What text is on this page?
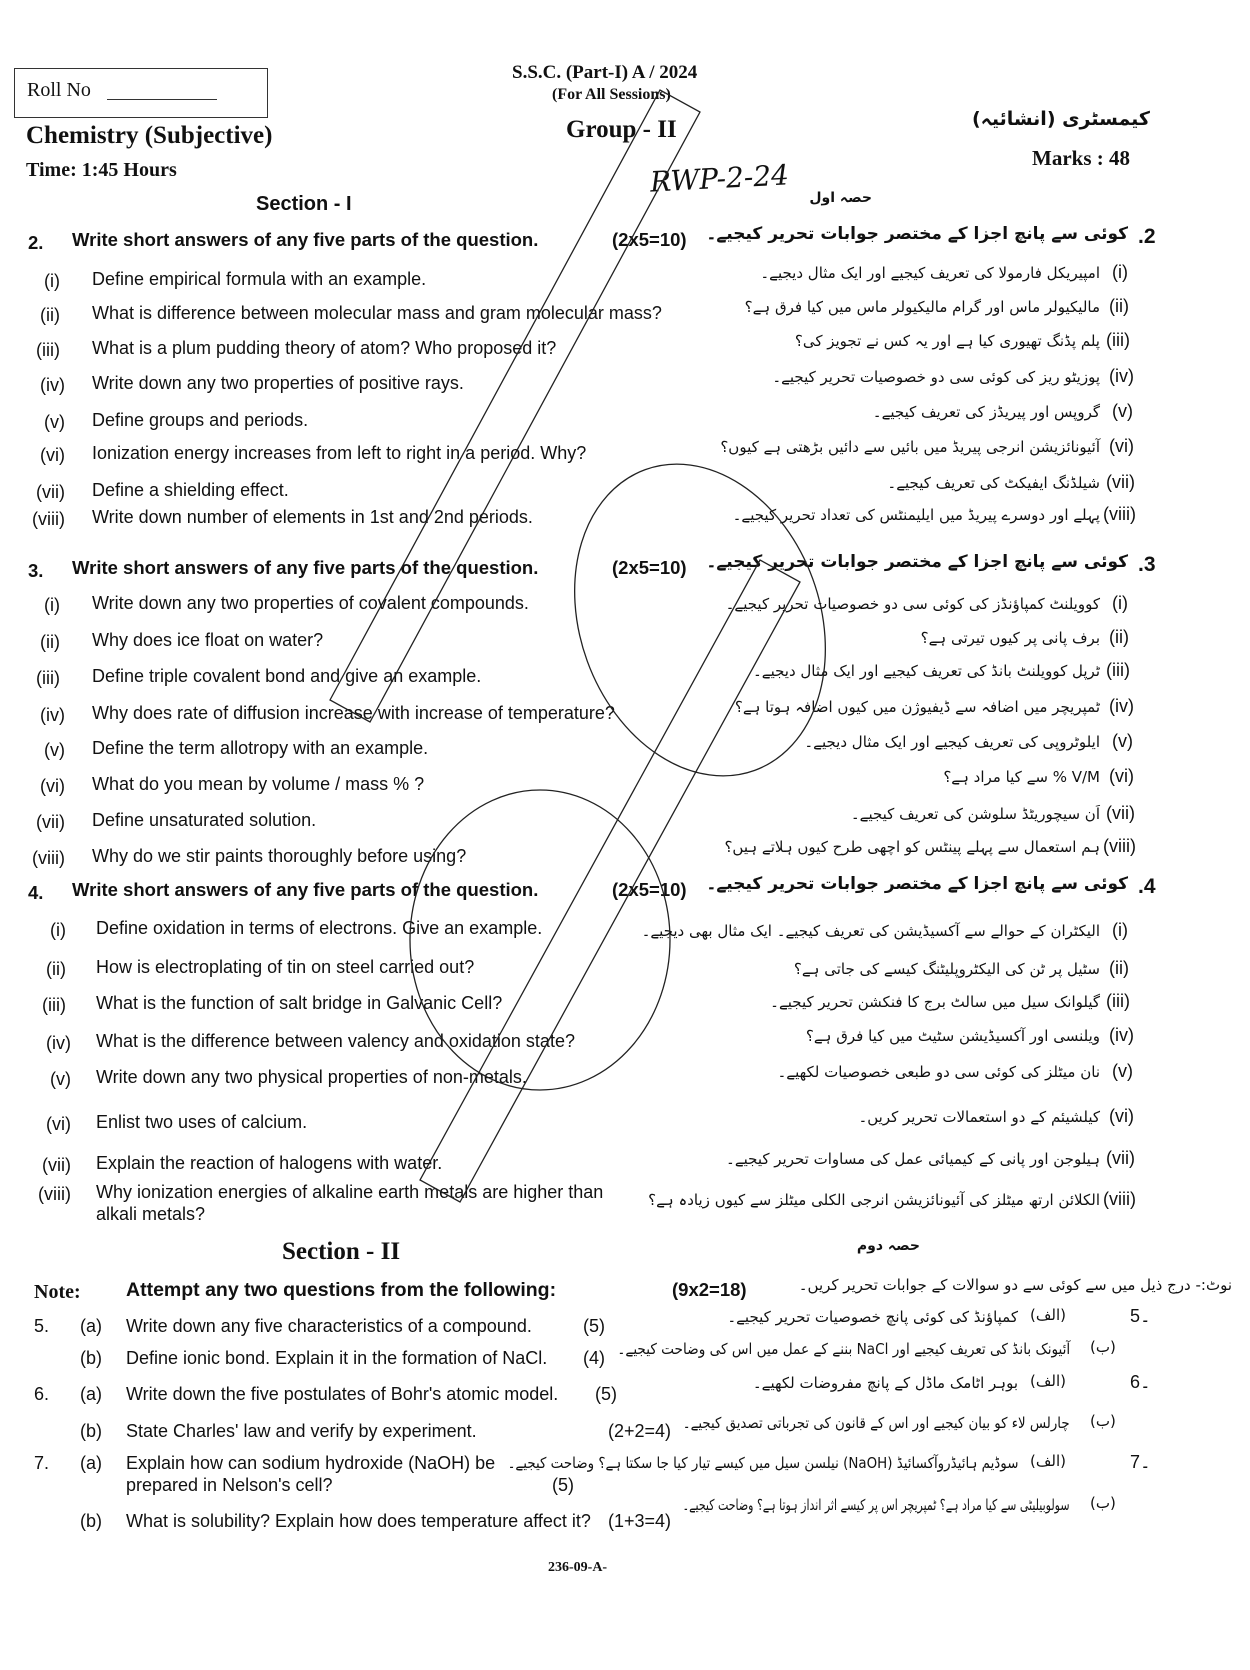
Roll No
S.S.C. (Part-I) A / 2024
(For All Sessions)
Chemistry (Subjective)	Group - II	کیمسٹری (انشائیہ)
Marks : 48
Time: 1:45 Hours	RWP-2-24 حصہ اول
Section - I
2. Write short answers of any five parts of the question.	(2x5=10)	.2
کوئی سے پانچ اجزا کے مختصر جوابات تحریر کیجیے۔
(i) Define empirical formula with an example.	(i)
امپیریکل فارمولا کی تعریف کیجیے اور ایک مثال دیجیے۔
(ii) What is difference between molecular mass and gram molecular mass?	(ii)
مالیکیولر ماس اور گرام مالیکیولر ماس میں کیا فرق ہے؟
(iii) What is a plum pudding theory of atom? Who proposed it?	(iii)
پلم پڈنگ تھیوری کیا ہے اور یہ کس نے تجویز کی؟
(iv) Write down any two properties of positive rays.	(iv)
پوزیٹو ریز کی کوئی سی دو خصوصیات تحریر کیجیے۔
(v) Define groups and periods.	(v)
گروپس اور پیریڈز کی تعریف کیجیے۔
(vi) Ionization energy increases from left to right in a period. Why?	(vi)
آئیونائزیشن انرجی پیریڈ میں بائیں سے دائیں بڑھتی ہے کیوں؟
(vii) Define a shielding effect.	(vii)
شیلڈنگ ایفیکٹ کی تعریف کیجیے۔
(viii) Write down number of elements in 1st and 2nd periods.	(viii)
پہلے اور دوسرے پیریڈ میں ایلیمنٹس کی تعداد تحریر کیجیے۔
3. Write short answers of any five parts of the question.	(2x5=10)	.3
کوئی سے پانچ اجزا کے مختصر جوابات تحریر کیجیے۔
(i) Write down any two properties of covalent compounds.	(i)
کوویلنٹ کمپاؤنڈز کی کوئی سی دو خصوصیات تحریر کیجیے۔
(ii) Why does ice float on water?	(ii)
برف پانی پر کیوں تیرتی ہے؟
(iii) Define triple covalent bond and give an example.	(iii)
ٹرپل کوویلنٹ بانڈ کی تعریف کیجیے اور ایک مثال دیجیے۔
(iv) Why does rate of diffusion increase with increase of temperature?	(iv)
ٹمپریچر میں اضافہ سے ڈیفیوژن میں کیوں اضافہ ہوتا ہے؟
(v) Define the term allotropy with an example.	(v)
ایلوٹروپی کی تعریف کیجیے اور ایک مثال دیجیے۔
(vi) What do you mean by volume / mass % ?	(vi)
V/M % سے کیا مراد ہے؟
(vii) Define unsaturated solution.	(vii)
اَن سیچوریٹڈ سلوشن کی تعریف کیجیے۔
(viii) Why do we stir paints thoroughly before using?	(viii)
ہم استعمال سے پہلے پینٹس کو اچھی طرح کیوں ہلاتے ہیں؟
4. Write short answers of any five parts of the question.	(2x5=10)	.4
کوئی سے پانچ اجزا کے مختصر جوابات تحریر کیجیے۔
(i) Define oxidation in terms of electrons. Give an example.	(i)
الیکٹران کے حوالے سے آکسیڈیشن کی تعریف کیجیے۔ ایک مثال بھی دیجیے۔
(ii) How is electroplating of tin on steel carried out?	(ii)
سٹیل پر ٹن کی الیکٹروپلیٹنگ کیسے کی جاتی ہے؟
(iii) What is the function of salt bridge in Galvanic Cell?	(iii)
گیلوانک سیل میں سالٹ برج کا فنکشن تحریر کیجیے۔
(iv) What is the difference between valency and oxidation state?	(iv)
ویلنسی اور آکسیڈیشن سٹیٹ میں کیا فرق ہے؟
(v) Write down any two physical properties of non-metals.	(v)
نان میٹلز کی کوئی سی دو طبعی خصوصیات لکھیے۔
(vi) Enlist two uses of calcium.	(vi)
کیلشیئم کے دو استعمالات تحریر کریں۔
(vii) Explain the reaction of halogens with water.	(vii)
ہیلوجن اور پانی کے کیمیائی عمل کی مساوات تحریر کیجیے۔
(viii) Why ionization energies of alkaline earth metals are higher than alkali metals?
(viii)
الکلائن ارتھ میٹلز کی آئیونائزیشن انرجی الکلی میٹلز سے کیوں زیادہ ہے؟
Section - II	حصہ دوم
Note: Attempt any two questions from the following:	(9x2=18)	نوٹ:- درج ذیل میں سے کوئی سے دو سوالات کے جوابات تحریر کریں۔
5.	5۔
(a) Write down any five characteristics of a compound.	(5)
(الف)
کمپاؤنڈ کی کوئی پانچ خصوصیات تحریر کیجیے۔
(b) Define ionic bond. Explain it in the formation of NaCl. (4)
(ب)
آئیونک بانڈ کی تعریف کیجیے اور NaCl بننے کے عمل میں اس کی وضاحت کیجیے۔
6.
6۔
(a) Write down the five postulates of Bohr's atomic model. (5)
(الف)
بوہر اٹامک ماڈل کے پانچ مفروضات لکھیے۔
(b) State Charles' law and verify by experiment.	(2+2=4)	(ب)
چارلس لاء کو بیان کیجیے اور اس کے قانون کی تجرباتی تصدیق کیجیے۔
7.	7۔
(a) Explain how can sodium hydroxide (NaOH) be
prepared in Nelson's cell?	(5)
(الف)
سوڈیم ہائیڈروآکسائیڈ (NaOH) نیلسن سیل میں کیسے تیار کیا جا سکتا ہے؟ وضاحت کیجیے۔
(b) What is solubility? Explain how does temperature affect it? (1+3=4)
(ب)
سولوبیلیٹی سے کیا مراد ہے؟ ٹمپریچر اس پر کیسے اثر انداز ہوتا ہے؟ وضاحت کیجیے۔
236-09-A-
